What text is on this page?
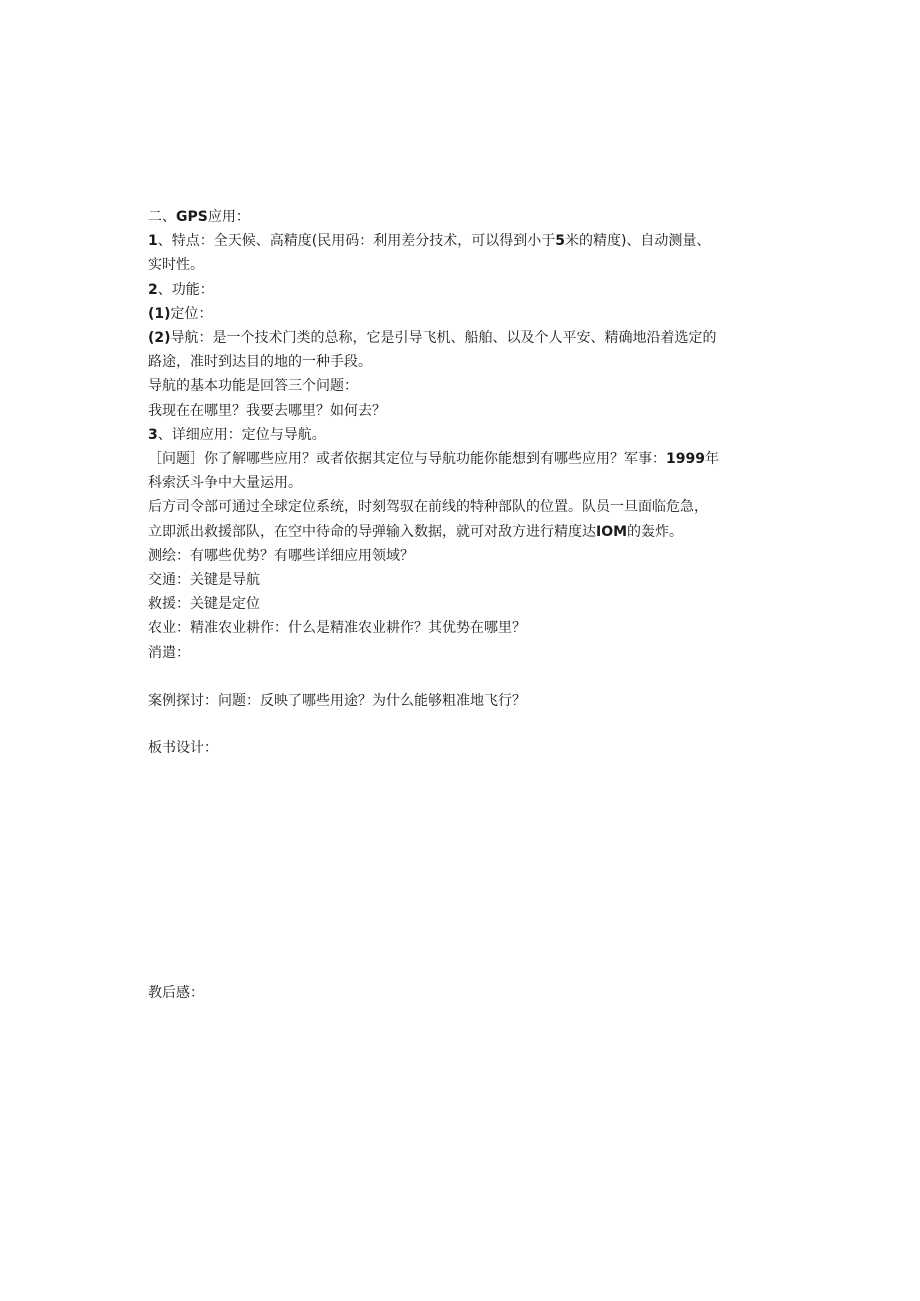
二、GPS应用：
1、特点：全天候、高精度(民用码：利用差分技术，可以得到小于5米的精度)、自动测量、
实时性。
2、功能：
(1)定位：
(2)导航：是一个技术门类的总称，它是引导飞机、船舶、以及个人平安、精确地沿着选定的
路途，准时到达目的地的一种手段。
导航的基本功能是回答三个问题：
我现在在哪里？我要去哪里？如何去？
3、详细应用：定位与导航。
［问题］你了解哪些应用？或者依据其定位与导航功能你能想到有哪些应用？军事：1999年
科索沃斗争中大量运用。
后方司令部可通过全球定位系统，时刻驾驭在前线的特种部队的位置。队员一旦面临危急，
立即派出救援部队，在空中待命的导弹输入数据，就可对敌方进行精度达IOM的轰炸。
测绘：有哪些优势？有哪些详细应用领域？
交通：关键是导航
救援：关键是定位
农业：精准农业耕作：什么是精准农业耕作？其优势在哪里？
消遣：
案例探讨：问题：反映了哪些用途？为什么能够粗准地飞行？
板书设计：
教后感：
